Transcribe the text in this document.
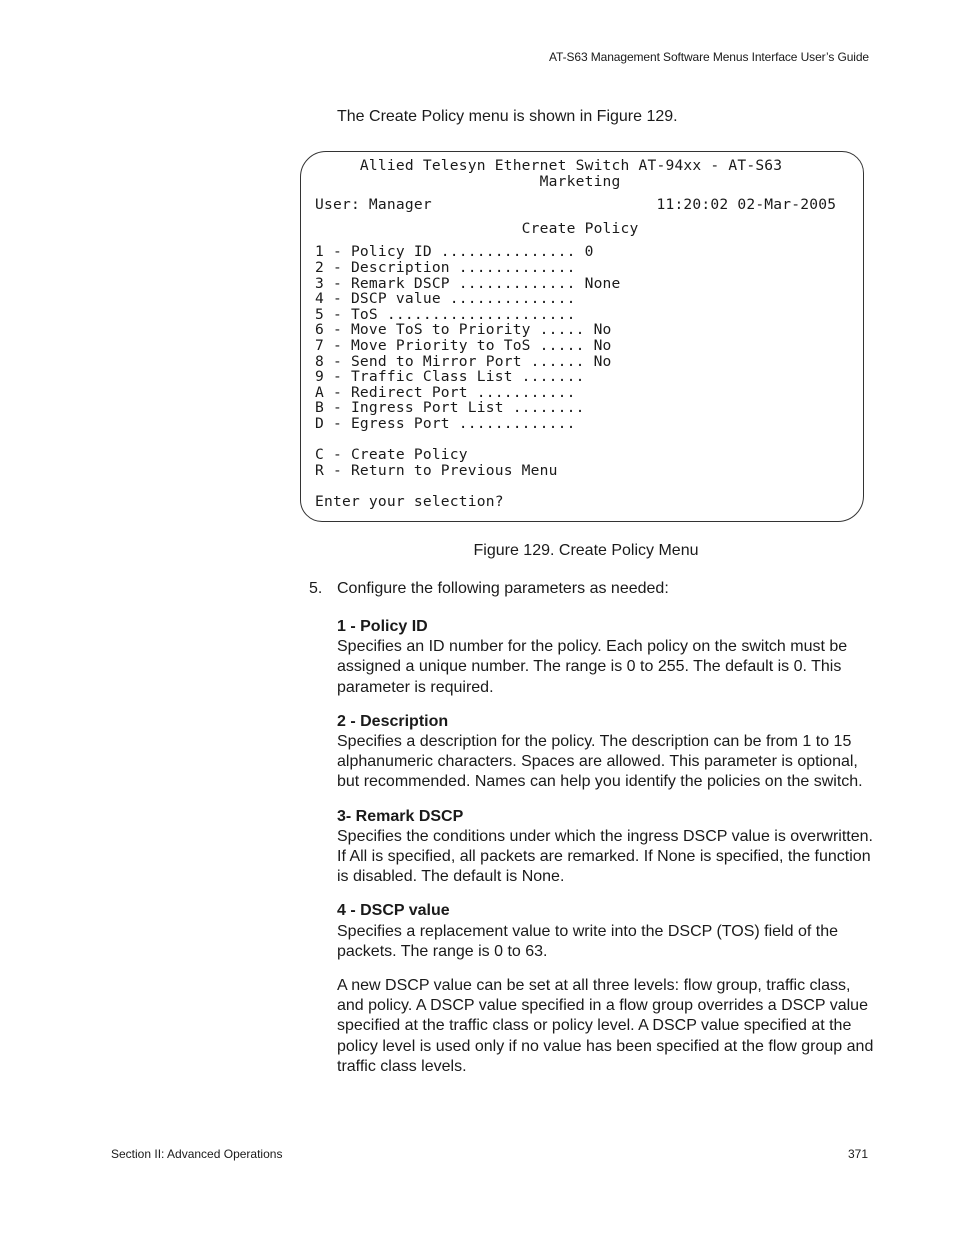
AT-S63 Management Software Menus Interface User’s Guide
The Create Policy menu is shown in Figure 129.
Allied Telesyn Ethernet Switch AT-94xx - AT-S63
Marketing
User: Manager                         11:20:02 02-Mar-2005
Create Policy
1 - Policy ID ............... 0
2 - Description .............
3 - Remark DSCP ............. None
4 - DSCP value ..............
5 - ToS .....................
6 - Move ToS to Priority ..... No
7 - Move Priority to ToS ..... No
8 - Send to Mirror Port ...... No
9 - Traffic Class List .......
A - Redirect Port ...........
B - Ingress Port List ........
D - Egress Port .............
C - Create Policy
R - Return to Previous Menu
Enter your selection?
Figure 129. Create Policy Menu
5. Configure the following parameters as needed:
1 - Policy ID

Specifies an ID number for the policy. Each policy on the switch must be assigned a unique number. The range is 0 to 255. The default is 0. This parameter is required.

2 - Description

Specifies a description for the policy. The description can be from 1 to 15 alphanumeric characters. Spaces are allowed. This parameter is optional, but recommended. Names can help you identify the policies on the switch.

3- Remark DSCP

Specifies the conditions under which the ingress DSCP value is overwritten. If All is specified, all packets are remarked. If None is specified, the function is disabled. The default is None.

4 - DSCP value

Specifies a replacement value to write into the DSCP (TOS) field of the packets. The range is 0 to 63.

A new DSCP value can be set at all three levels: flow group, traffic class, and policy. A DSCP value specified in a flow group overrides a DSCP value specified at the traffic class or policy level. A DSCP value specified at the policy level is used only if no value has been specified at the flow group and traffic class levels.

Section II: Advanced Operations	371
